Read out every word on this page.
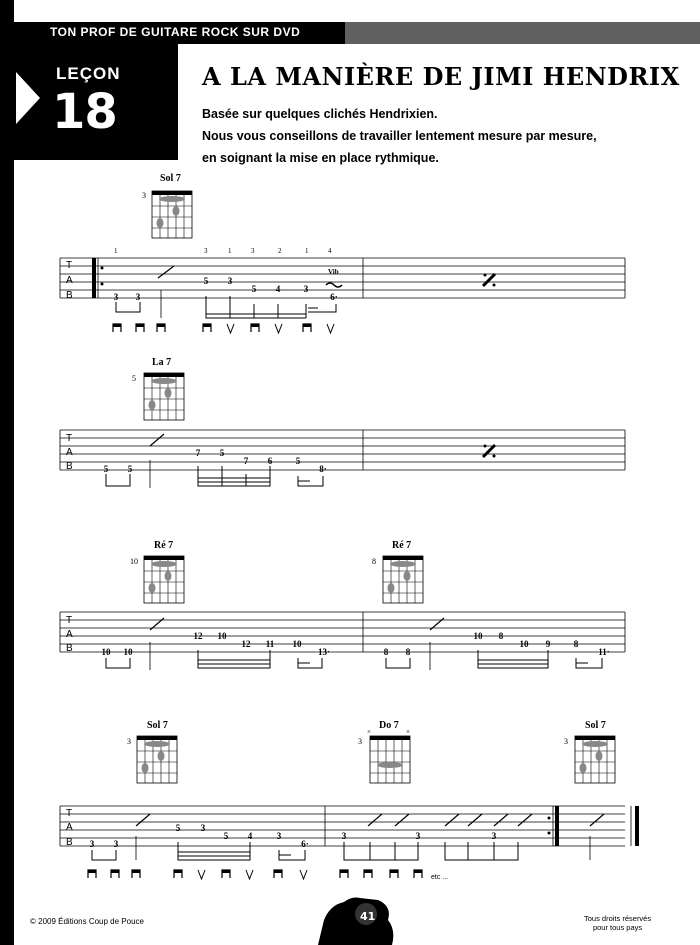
TON PROF DE GUITARE ROCK SUR DVD
LEÇON
18
A LA MANIÈRE DE JIMI HENDRIX
Basée sur quelques clichés Hendrixien.
Nous vous conseillons de travailler lentement mesure par mesure,
en soignant la mise en place rythmique.
Sol 7
3
1	3	1	3	2	1	4
T
A
B	3 3
5 3
5 4	3
6·
Vib
La 7
5
T
A
B	5 5
7 5
7 6	5
8·
Ré 7
10
Ré 7
8
T
A
B	10 10
12 10
12 11 10
13·	8 8
10 8
10 9	8
11·
Sol 7
3
Do 7
3
×	×
Sol 7
3
T
A
B 3 3
5 3
5 4	3
6·
3	3	3
etc ...
41
© 2009 Éditions Coup de Pouce	Tous droits réservés
pour tous pays
